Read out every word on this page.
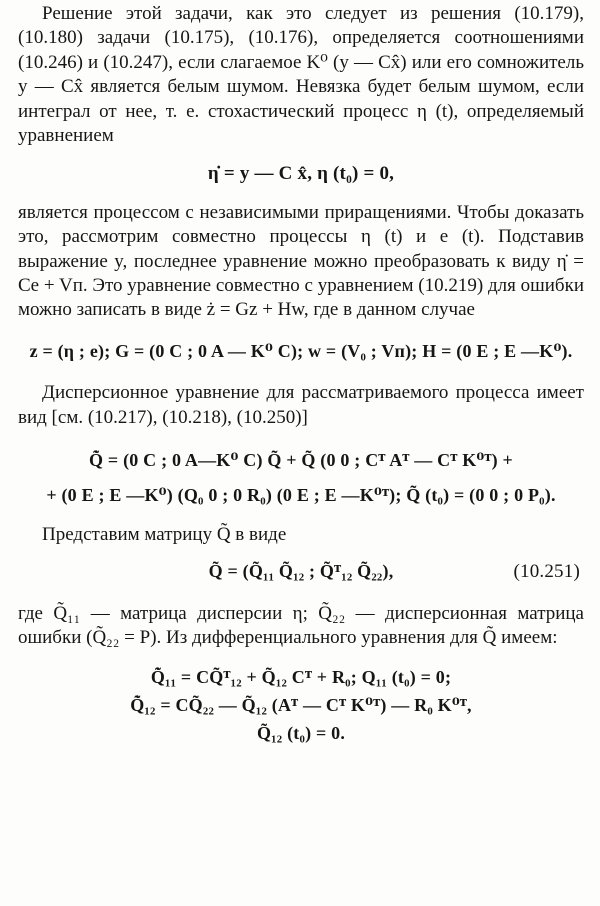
Решение этой задачи, как это следует из решения (10.179), (10.180) задачи (10.175), (10.176), определяется соотношениями (10.246) и (10.247), если слагаемое K⁰ (y — Cx̂) или его сомножитель y — Cx̂ является белым шумом. Невязка будет белым шумом, если интеграл от нее, т. е. стохастический процесс η (t), определяемый уравнением

η̇ = y — C x̂, η (t₀) = 0,

является процессом с независимыми приращениями. Чтобы доказать это, рассмотрим совместно процессы η (t) и e (t). Подставив выражение y, последнее уравнение можно преобразовать к виду η̇ = Ce + Vп. Это уравнение совместно с уравнением (10.219) для ошибки можно записать в виде ż = Gz + Hw, где в данном случае

z = (η ; e); G = (0 C ; 0 A — K⁰ C); w = (V₀ ; Vп); H = (0 E ; E —K⁰).

Дисперсионное уравнение для рассматриваемого процесса имеет вид [см. (10.217), (10.218), (10.250)]

Q̃̇ = (0 C ; 0 A—K⁰ C) Q̃ + Q̃ (0 0 ; Cᵀ Aᵀ — Cᵀ K⁰ᵀ) +

+ (0 E ; E —K⁰) (Q₀ 0 ; 0 R₀) (0 E ; E —K⁰ᵀ); Q̃ (t₀) = (0 0 ; 0 P₀).

Представим матрицу Q̃ в виде

Q̃ = (Q̃₁₁ Q̃₁₂ ; Q̃ᵀ₁₂ Q̃₂₂),	(10.251)

где Q̃₁₁ — матрица дисперсии η; Q̃₂₂ — дисперсионная матрица ошибки (Q̃₂₂ = P). Из дифференциального уравнения для Q̃ имеем:

Q̃̇₁₁ = CQ̃ᵀ₁₂ + Q̃₁₂ Cᵀ + R₀; Q₁₁ (t₀) = 0;

Q̃̇₁₂ = CQ̃₂₂ — Q̃₁₂ (Aᵀ — Cᵀ K⁰ᵀ) — R₀ K⁰ᵀ,

Q̃₁₂ (t₀) = 0.
